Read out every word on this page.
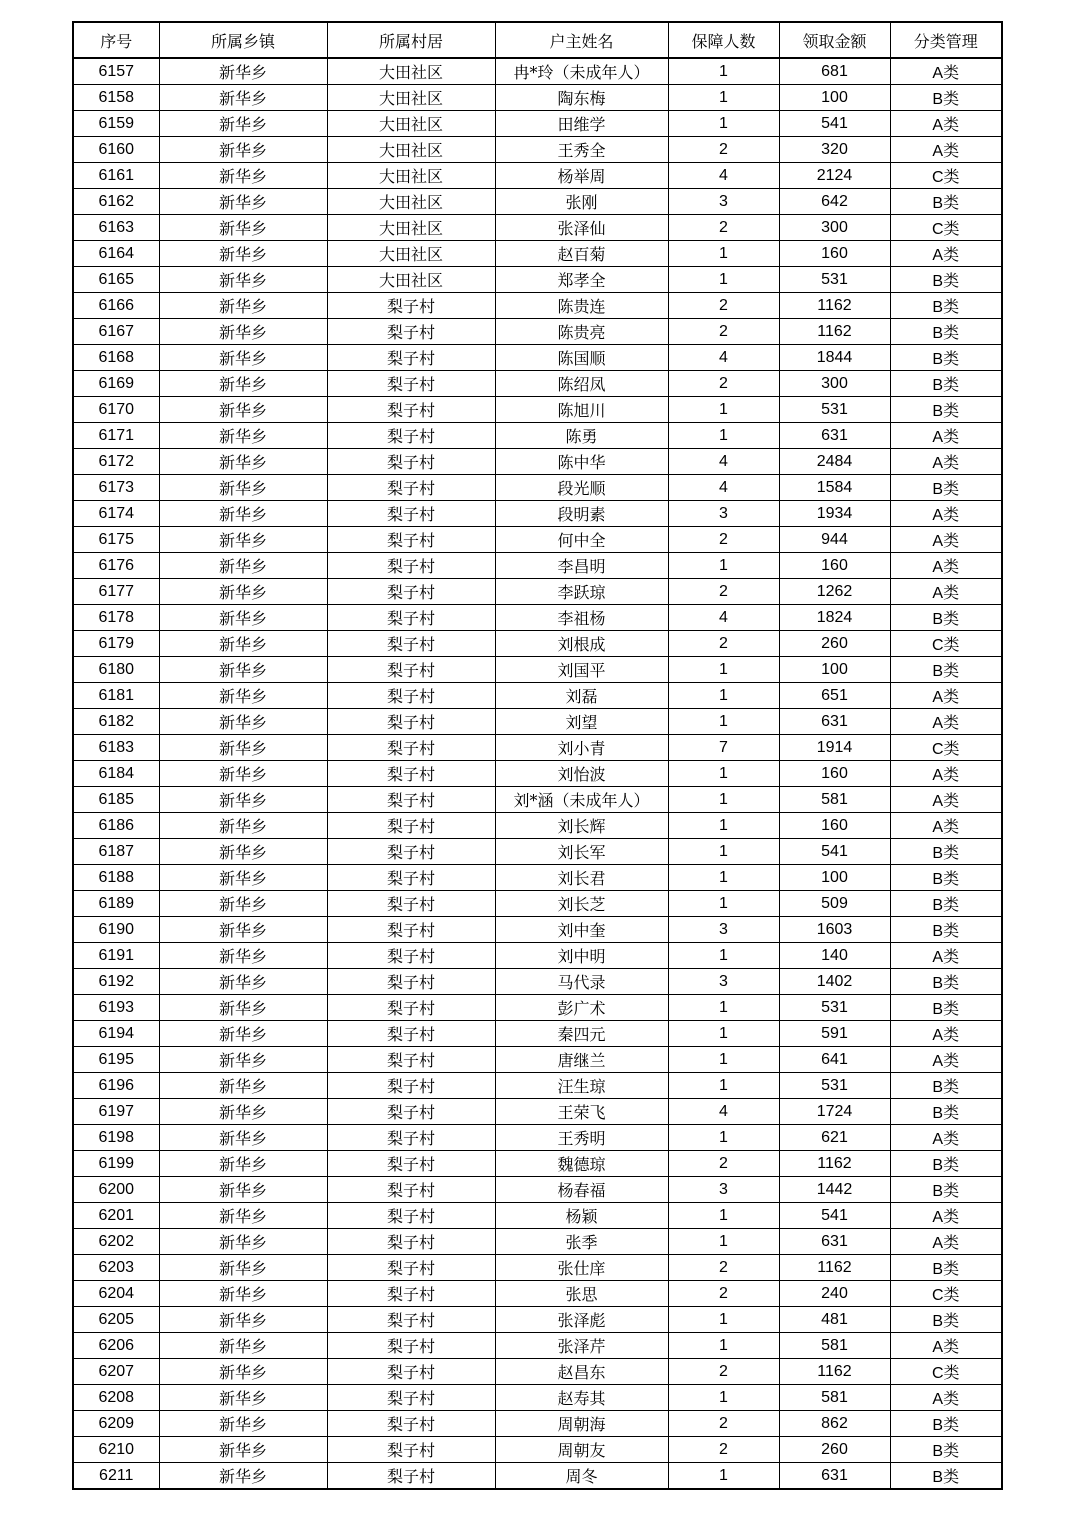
序号	所属乡镇	所属村居	户主姓名	保障人数	领取金额	分类管理
6157	新华乡	大田社区	冉*玲（未成年人）	1	681	A类
6158	新华乡	大田社区	陶东梅	1	100	B类
6159	新华乡	大田社区	田维学	1	541	A类
6160	新华乡	大田社区	王秀全	2	320	A类
6161	新华乡	大田社区	杨举周	4	2124	C类
6162	新华乡	大田社区	张刚	3	642	B类
6163	新华乡	大田社区	张泽仙	2	300	C类
6164	新华乡	大田社区	赵百菊	1	160	A类
6165	新华乡	大田社区	郑孝全	1	531	B类
6166	新华乡	梨子村	陈贵连	2	1162	B类
6167	新华乡	梨子村	陈贵亮	2	1162	B类
6168	新华乡	梨子村	陈国顺	4	1844	B类
6169	新华乡	梨子村	陈绍凤	2	300	B类
6170	新华乡	梨子村	陈旭川	1	531	B类
6171	新华乡	梨子村	陈勇	1	631	A类
6172	新华乡	梨子村	陈中华	4	2484	A类
6173	新华乡	梨子村	段光顺	4	1584	B类
6174	新华乡	梨子村	段明素	3	1934	A类
6175	新华乡	梨子村	何中全	2	944	A类
6176	新华乡	梨子村	李昌明	1	160	A类
6177	新华乡	梨子村	李跃琼	2	1262	A类
6178	新华乡	梨子村	李祖杨	4	1824	B类
6179	新华乡	梨子村	刘根成	2	260	C类
6180	新华乡	梨子村	刘国平	1	100	B类
6181	新华乡	梨子村	刘磊	1	651	A类
6182	新华乡	梨子村	刘望	1	631	A类
6183	新华乡	梨子村	刘小青	7	1914	C类
6184	新华乡	梨子村	刘怡波	1	160	A类
6185	新华乡	梨子村	刘*涵（未成年人）	1	581	A类
6186	新华乡	梨子村	刘长辉	1	160	A类
6187	新华乡	梨子村	刘长军	1	541	B类
6188	新华乡	梨子村	刘长君	1	100	B类
6189	新华乡	梨子村	刘长芝	1	509	B类
6190	新华乡	梨子村	刘中奎	3	1603	B类
6191	新华乡	梨子村	刘中明	1	140	A类
6192	新华乡	梨子村	马代录	3	1402	B类
6193	新华乡	梨子村	彭广术	1	531	B类
6194	新华乡	梨子村	秦四元	1	591	A类
6195	新华乡	梨子村	唐继兰	1	641	A类
6196	新华乡	梨子村	汪生琼	1	531	B类
6197	新华乡	梨子村	王荣飞	4	1724	B类
6198	新华乡	梨子村	王秀明	1	621	A类
6199	新华乡	梨子村	魏德琼	2	1162	B类
6200	新华乡	梨子村	杨春福	3	1442	B类
6201	新华乡	梨子村	杨颖	1	541	A类
6202	新华乡	梨子村	张季	1	631	A类
6203	新华乡	梨子村	张仕庠	2	1162	B类
6204	新华乡	梨子村	张思	2	240	C类
6205	新华乡	梨子村	张泽彪	1	481	B类
6206	新华乡	梨子村	张泽芹	1	581	A类
6207	新华乡	梨子村	赵昌东	2	1162	C类
6208	新华乡	梨子村	赵寿其	1	581	A类
6209	新华乡	梨子村	周朝海	2	862	B类
6210	新华乡	梨子村	周朝友	2	260	B类
6211	新华乡	梨子村	周冬	1	631	B类
